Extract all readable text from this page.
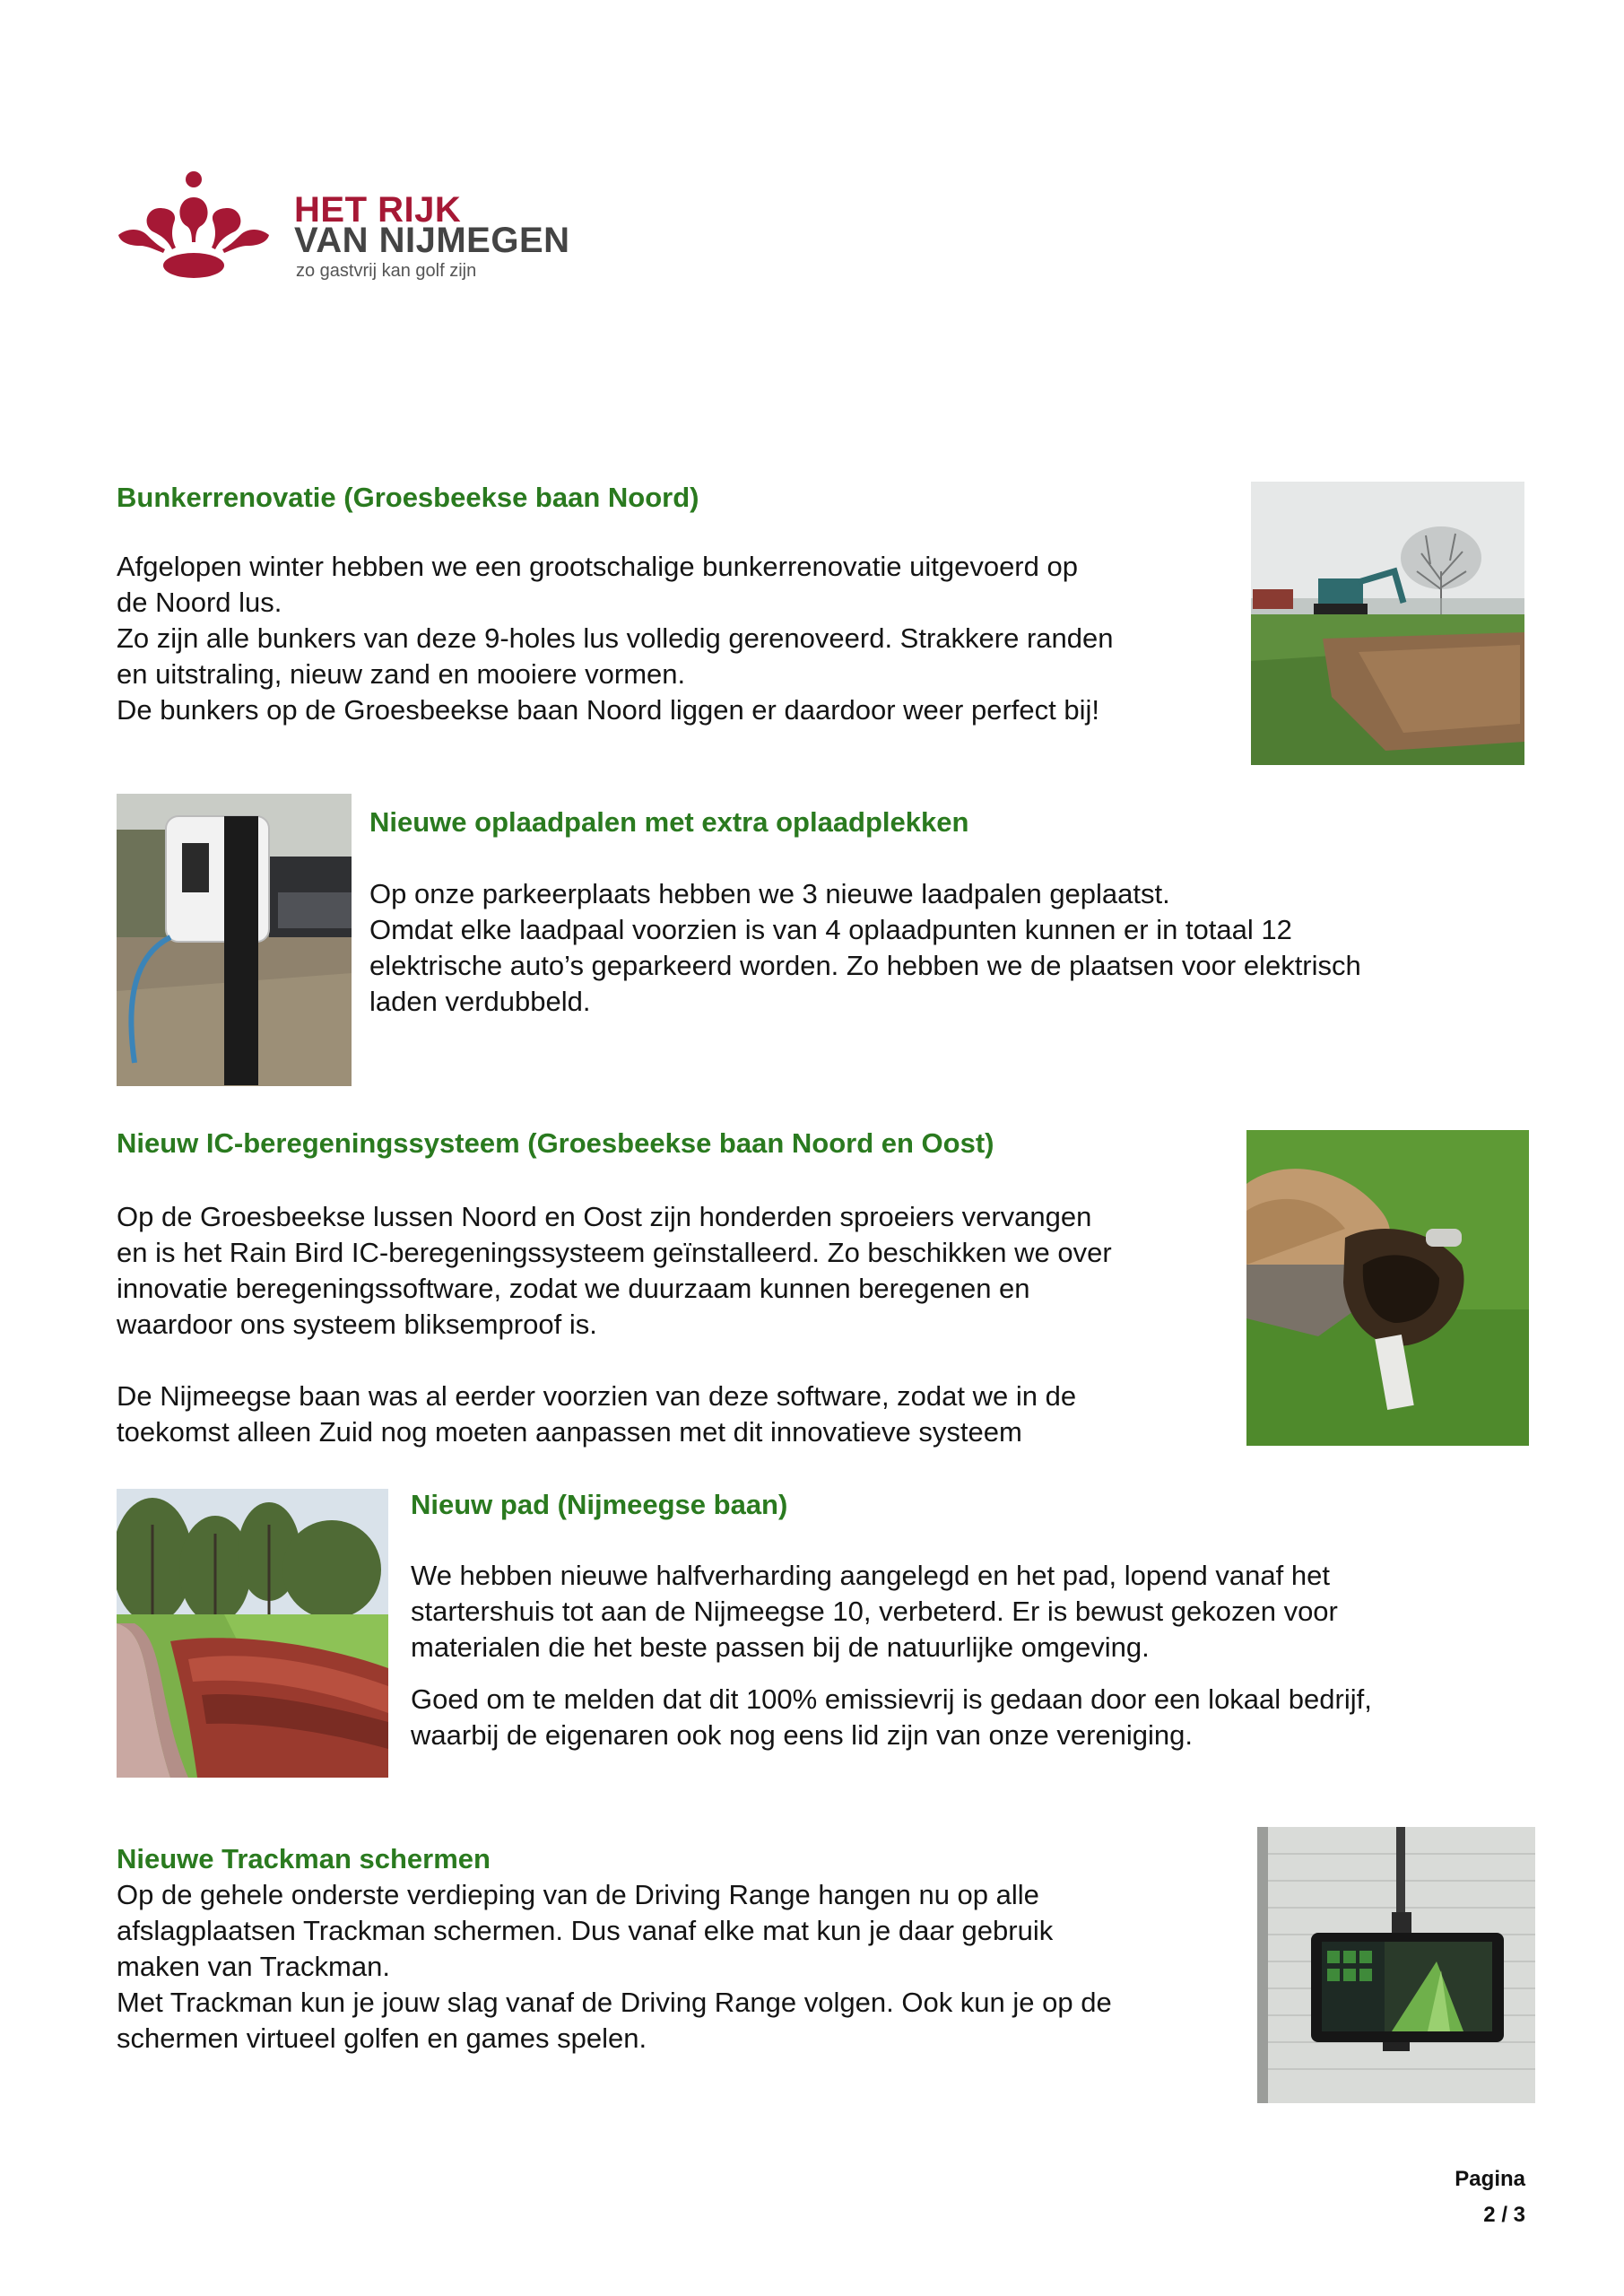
HET RIJK
VAN NIJMEGEN
zo gastvrij kan golf zijn
Bunkerrenovatie (Groesbeekse baan Noord)

Afgelopen winter hebben we een grootschalige bunkerrenovatie uitgevoerd op

de Noord lus.

Zo zijn alle bunkers van deze 9-holes lus volledig gerenoveerd. Strakkere randen

en uitstraling, nieuw zand en mooiere vormen.

De bunkers op de Groesbeekse baan Noord liggen er daardoor weer perfect bij!

Nieuwe oplaadpalen met extra oplaadplekken

Op onze parkeerplaats hebben we 3 nieuwe laadpalen geplaatst.

Omdat elke laadpaal voorzien is van 4 oplaadpunten kunnen er in totaal 12

elektrische auto’s geparkeerd worden. Zo hebben we de plaatsen voor elektrisch

laden verdubbeld.

Nieuw IC-beregeningssysteem (Groesbeekse baan Noord en Oost)

Op de Groesbeekse lussen Noord en Oost zijn honderden sproeiers vervangen

en is het Rain Bird IC-beregeningssysteem geïnstalleerd. Zo beschikken we over

innovatie beregeningssoftware, zodat we duurzaam kunnen beregenen en

waardoor ons systeem bliksemproof is.

De Nijmeegse baan was al eerder voorzien van deze software, zodat we in de

toekomst alleen Zuid nog moeten aanpassen met dit innovatieve systeem

Nieuw pad (Nijmeegse baan)

We hebben nieuwe halfverharding aangelegd en het pad, lopend vanaf het

startershuis tot aan de Nijmeegse 10, verbeterd. Er is bewust gekozen voor

materialen die het beste passen bij de natuurlijke omgeving.

Goed om te melden dat dit 100% emissievrij is gedaan door een lokaal bedrijf,

waarbij de eigenaren ook nog eens lid zijn van onze vereniging.

Nieuwe Trackman schermen

Op de gehele onderste verdieping van de Driving Range hangen nu op alle

afslagplaatsen Trackman schermen. Dus vanaf elke mat kun je daar gebruik

maken van Trackman.

Met Trackman kun je jouw slag vanaf de Driving Range volgen. Ook kun je op de

schermen virtueel golfen en games spelen.

Pagina
2 / 3
